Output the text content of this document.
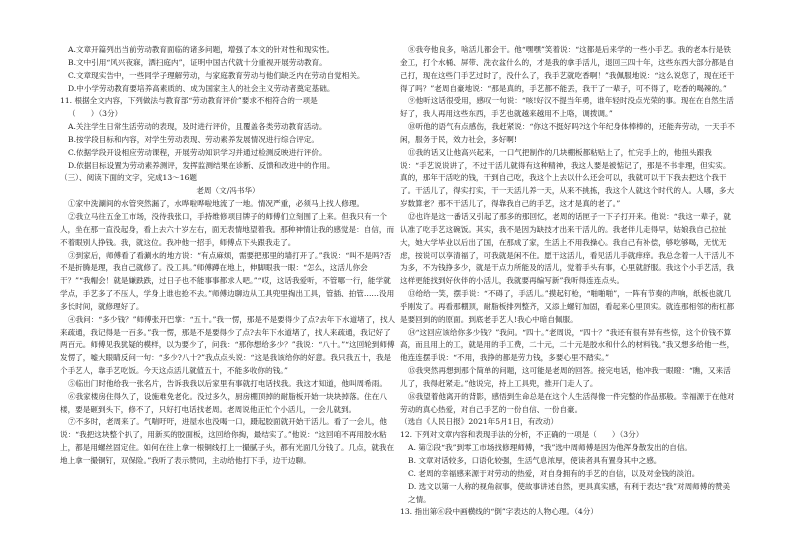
A.文章开篇列出当前劳动教育面临的诸多问题，增强了本文的针对性和现实性。

B.文中引用“风兴夜寐，洒扫庭内”，证明中国古代就十分重视开展劳动教育。

C.文章现实告中，一些同学子理解劳动，与家庭教育劳动与他们缺乏内在劳动自觉相关。

D.中小学劳动教育要培养高素质的、成为国家主人的社会主义劳动者奠定基础。

11. 根据全文内容，下列做法与教育部“劳动教育评价”要求不相符合的一项是

（　　）（3分）

A.关注学生日常生活劳动的表现，及时进行评价，且覆盖各类劳动教育活动。

B.按学段目标和内容，对学生劳动表现、劳动素养发展情况进行综合评定。

C.依据学段开设相应劳动课程，开展劳动知识学习并通过检测反映进行评价。

D.依据目标设置为劳动素养测评，发挥监测结果在诊断、反馈和改进中的作用。

（三）、阅读下面的文字，完成13～16题

老周（文/冯书华）

①家中洗涮间的水管突然漏了，水哗啦哗啦地流了一地。情况严重，必须马上找人修理。

②我立马往五金工市场，没待我张口，手持维修项目牌子的师傅们立刻围了上来。但我只有一个人，坐在那一直没起身，看上去六十岁左右，面无表情地望着我。那种神情让我的感觉是：自信，而不着眼别人挣钱。我，就这位。我冲他一招手，师傅点下头跟我走了。

③到家后，师傅看了看涮水的地方说：“有点麻烦，需要把那里的墙打开了。”我说：“叫不是吗?否不是折腾是理，我自己就修了。没工具。”师傅蹲在地上，伸脚眼我一眼：“怎么，这活儿你会干？”“我帽会！就是嫌跌跌，过日子也不能事事都求人吧。”“哎，这话我爱听，不管哪一行，能学就学点，手艺多了不压人，学身上谁也抢不去。”师傅边聊边从工具兜里掏出工具，管插、拍管……没用多长时间，就修理好了。

④我问：“多少钱？”师傅张开巴掌：“五十。”我一愣，那是不是要得少了点?去年下水道堵了，找人来疏通，我记得是一百多。”我一愣，那是不是要得少了点?去年下水道堵了，找人来疏通，我记好了两百元。师傅见我犹疑的模样，以为要少了，问我：“那你想给多少？”我说：“八十。”“这回轮到师傅发愣了，嘘大眼睛反问一句：“多少?八十?”我点点头说：“这是我该给你的好意。我只我五十，我是个手艺人，靠手艺吃饭。今天这点活儿就值五十，不能多收你的钱。”

⑤临出门时他给我一张名片，告诉我我以后家里有事就打电话找我。我这才知道，他叫周希雨。

⑥我家楼房住得久了，设施难免老化。没过多久，厨房棚顶掉的耐脂板开始一块块掉落。住在八楼，要是砸到头下，修不了，只好打电话找老周。老周说他正忙个小活儿，一会儿就到。

⑦不多时，老周来了。气喘吁吁，进屋水也没喝一口，蹑起胶面就开始干活儿。看了一会儿，他说：“我把这块整个扒了，用新买的胶面板，这回给你掏，最结实了。”他说：“这回咱不再用胶水粘上，都是用螺丝固定住。如何在往上拿一根铜线打上一撮腻子头，都有光面几分钱了。几点，就我在地上拿一撮铜钉，双保险。”我听了表示赞同，主动给他打下手，边干边聊。

⑧我夸他良多，啥活儿都会干。他“嘿嘿”笑着说：“这都是后来学的一些小手艺。我的老本行是铁金工，打个水桶、屏带、洗衣盆什么的，才是我的拿手活儿，退回三四十年，这些东西大部分都是自己打，现在这些门手艺过时了，没什么了，我手艺就吃香啊！”我佩服地说：“这么说您了，现在还干得了吗？”老周自豪地说：“那是真的，手艺都不能丢，我干了一辈子，可不得了，吃香的喝辣的。”

⑨他听这话很受用，感叹一句说：“咳!好汉不提当年勇，谁年轻时没点光荣的事。现在在自然生活好了，我人再用这些东西，手艺也就越来越用不上咯，调拨调。”

⑩听他的语气有点感伤，我赶紧说：“你这不挺好吗?这个年纪身体棒棒的，还能奔劳动，一天手不闲，服务于民，效力社会，多好啊!

⑪我的话又让他高兴起来，一口气把制作的几块棚板都粘贴上了，忙完手上的，他扭头跟我说：“手艺说说讲了，不过干活儿就得有这种精神，我这人要是被惦记了，那是不书非理，但实实。真的，那年干活吃的钱，干到自己吃，我这个上去以什么还会可以，我就可以干下我去把这个我干了。干活儿了，得实打实，干一天活儿养一天，从来不挑拣，我这个人就这个时代的人。人哪，多大岁数算老？那不干活儿了，得靠我自己的手艺，这才是真的老了。”

⑫也许是这一番话又引起了那多的那回忆，老周的话匣子一下子打开来。他说：“我这一辈子，就认准了吃手艺这碗饭。其实，我不是因为缺技才出来干活儿的。我老伴儿走得早，姑娘我自己拉扯大，她大学毕业以后出了国，在那成了家，生活上不用我操心。我自己有补偿，够吃够喝，无忧无虑，按说可以享清福了，可我就是闲不住。愿干这活儿，看见活儿手就痒痒。我总念着一人干活儿不为多，不为钱挣多少，就是干点力所能及的活儿，觉着手头有事，心里就舒服。我这个小手艺活，我这样更能找到好伙伴的小活儿，我就要再编写新”我听得连连点头。

⑬给给一笑，摆手说：“不碍了，手活儿。”摸起钉枪，“啪啪啪”，一阵有节奏的声响，纸板也就几乎刚发了。再看那棚顶，耐脂板排列整齐，又添上螺钉加固，看起来心里顶实。就连那相邻的衔杠都是要回到的的原面。到底老手艺人!我心中暗自佩服。

⑭“这回应该给你多少钱？”我问。“四十。”老周说，“四十？”我还有很有异有些惊，这个价钱不算高，而且用上的工，就是用的手工费，二十元，二十元是胶水和什么的材料钱。”我又想多给他一些，他连连摆手说：“不用，我挣的都是劳力钱，多要心里不踏实。”

⑮我突然再想到那个简单的问题，这可能是老周的回答。接完电话，他冲我一眼瞪：“瞧，又来活儿了，我得赶紧走。”他说完，持上工具兜，推开门走人了。

⑯我望着他离开的背影，感悟到生命总是在这个人生活得像一件完整的作品那般。幸福源于在他对劳动的真心热爱，对自己手艺的一份自信、一份自豪。

（选自《人民日报》2021年5月1日，有改动）

12. 下列对文章内容和表现手法的分析，不正确的一项是（　　）（3分）

A. 第②段“我”到零工市场找修理师傅，“我”选中周师傅是因为他浑身散发出的自信。

B. 文章对话较多，口语化较强，生活气息浓厚，使读者具有置身其中之感。

C. 老周的幸福感来源于对劳动的热爱，对自身拥有的手艺的自信，以及对金钱的淡泊。

D. 选文以第一人称的视角叙事，使故事讲述自然，更具真实感，有利于表达“我”对周师傅的赞美之情。

13. 指出第⑥段中画横线的“倒”字表达的人物心理。（4分）
